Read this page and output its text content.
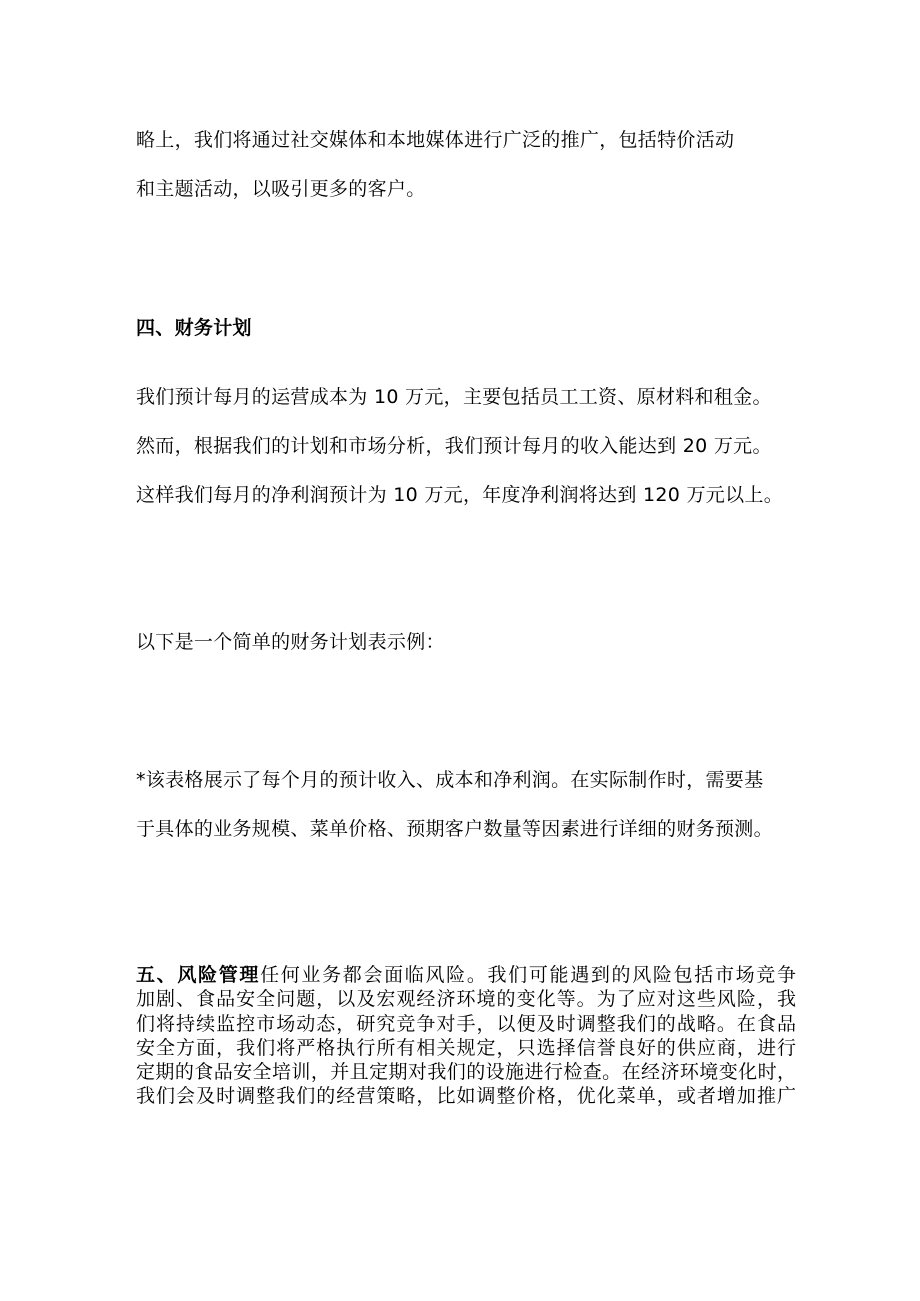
略上，我们将通过社交媒体和本地媒体进行广泛的推广，包括特价活动
和主题活动，以吸引更多的客户。
四、财务计划
我们预计每月的运营成本为 10 万元，主要包括员工工资、原材料和租金。
然而，根据我们的计划和市场分析，我们预计每月的收入能达到 20 万元。
这样我们每月的净利润预计为 10 万元，年度净利润将达到 120 万元以上。
以下是一个简单的财务计划表示例：
*该表格展示了每个月的预计收入、成本和净利润。在实际制作时，需要基
于具体的业务规模、菜单价格、预期客户数量等因素进行详细的财务预测。
五、风险管理任何业务都会面临风险。我们可能遇到的风险包括市场竞争
加剧、食品安全问题，以及宏观经济环境的变化等。为了应对这些风险，我
们将持续监控市场动态，研究竞争对手，以便及时调整我们的战略。在食品
安全方面，我们将严格执行所有相关规定，只选择信誉良好的供应商，进行
定期的食品安全培训，并且定期对我们的设施进行检查。在经济环境变化时，
我们会及时调整我们的经营策略，比如调整价格，优化菜单，或者增加推广
